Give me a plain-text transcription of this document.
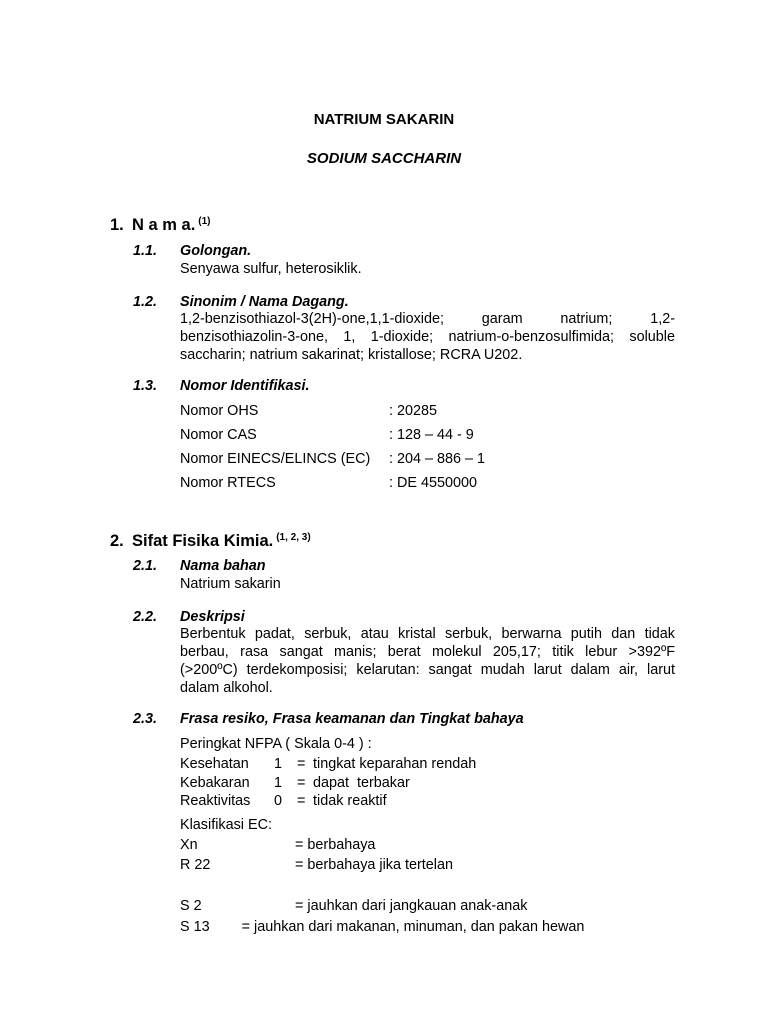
NATRIUM SAKARIN
SODIUM SACCHARIN
1. N a m a. $^{(1)}$
1.1. Golongan.
Senyawa sulfur, heterosiklik.
1.2. Sinonim / Nama Dagang.
1,2-benzisothiazol-3(2H)-one,1,1-dioxide; garam natrium; 1,2-
benzisothiazolin-3-one, 1, 1-dioxide; natrium-o-benzosulfimida; soluble
saccharin; natrium sakarinat; kristallose; RCRA U202.
1.3. Nomor Identifikasi.
Nomor OHS	: 20285
Nomor CAS	: 128 – 44 - 9
Nomor EINECS/ELINCS (EC) : 204 – 886 – 1
Nomor RTECS	: DE 4550000
2. Sifat Fisika Kimia. $^{(1, 2, 3)}$
2.1. Nama bahan
Natrium sakarin
2.2. Deskripsi
Berbentuk padat, serbuk, atau kristal serbuk, berwarna putih dan tidak
berbau, rasa sangat manis; berat molekul 205,17; titik lebur >392ºF
(>200ºC) terdekomposisi; kelarutan: sangat mudah larut dalam air, larut
dalam alkohol.
2.3. Frasa resiko, Frasa keamanan dan Tingkat bahaya
Peringkat NFPA ( Skala 0-4 ) :
Kesehatan 1 = tingkat keparahan rendah
Kebakaran 1 = dapat  terbakar
Reaktivitas 0 = tidak reaktif
Klasifikasi EC:
Xn	= berbahaya
R 22	= berbahaya jika tertelan
S 2	= jauhkan dari jangkauan anak-anak
S 13        = jauhkan dari makanan, minuman, dan pakan hewan
